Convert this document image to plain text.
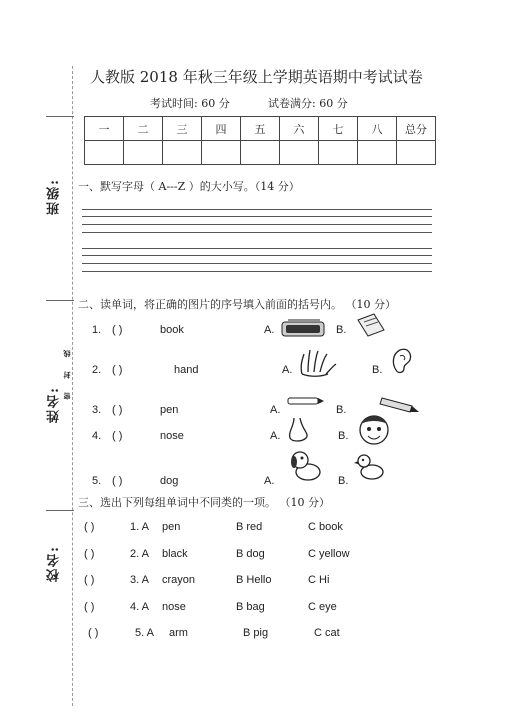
班级:
密 封 线
姓名:
校名:
人教版 2018 年秋三年级上学期英语期中考试试卷
考试时间: 60 分	试卷满分: 60 分
一	二	三	四	五	六	七	八	总分

一、默写字母（ A---Z ）的大小写。（14 分）
二、读单词，将正确的图片的序号填入前面的括号内。 （10 分）
1. ( )	book	A.	B.
2. ( )	hand	A.	B.
3. ( )	pen	A.	B.
4. ( )	nose	A.	B.
5. ( )	dog	A.	B.
三、选出下列每组单词中不同类的一项。 （10 分）
( )	1. A pen	B red	C book
( )	2. A black	B dog	C yellow
( )	3. A crayon	B Hello	C Hi
( )	4. A nose	B bag	C eye
( )	5. A arm	B pig	C cat
